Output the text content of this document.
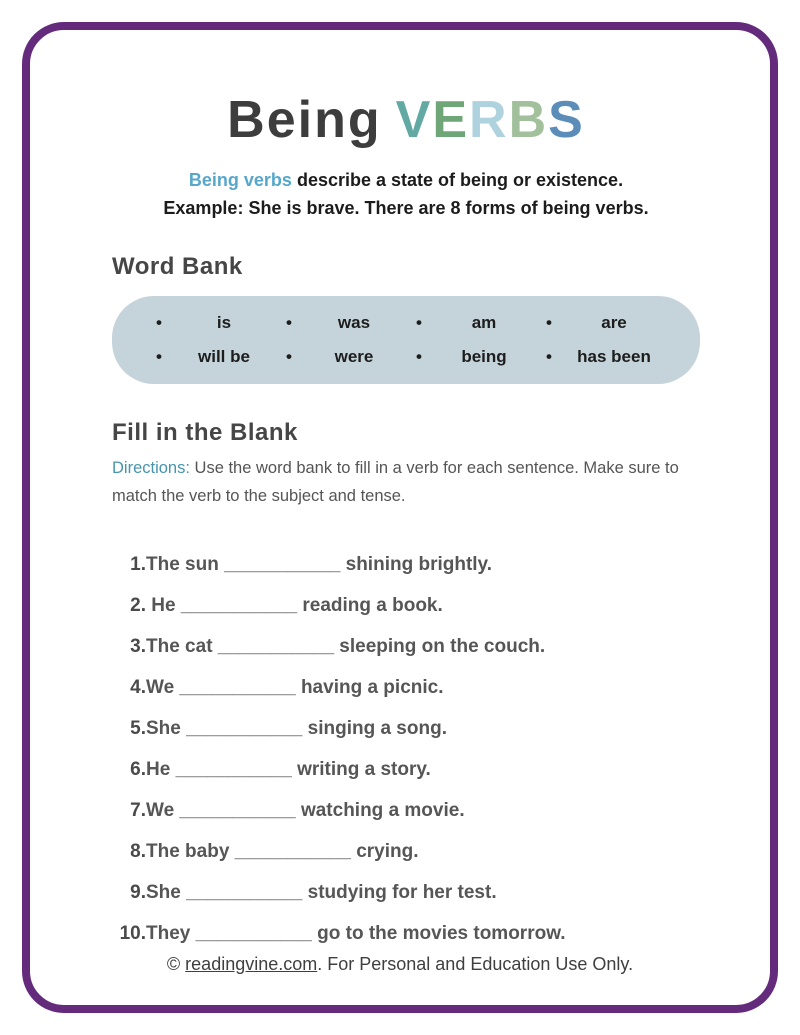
Being VERBS

Being verbs describe a state of being or existence.

Example: She is brave. There are 8 forms of being verbs.

Word Bank
•	is	•	was	•	am	•	are
•	will be	•	were	•	being	•	has been
Fill in the Blank

Directions: Use the word bank to fill in a verb for each sentence. Make sure to match the verb to the subject and tense.

1.The sun ___________ shining brightly.
2. He ___________ reading a book.
3.The cat ___________ sleeping on the couch.
4.We ___________ having a picnic.
5.She ___________ singing a song.
6.He ___________ writing a story.
7.We ___________ watching a movie.
8.The baby ___________ crying.
9.She ___________ studying for her test.
10.They ___________ go to the movies tomorrow.

© readingvine.com. For Personal and Education Use Only.
